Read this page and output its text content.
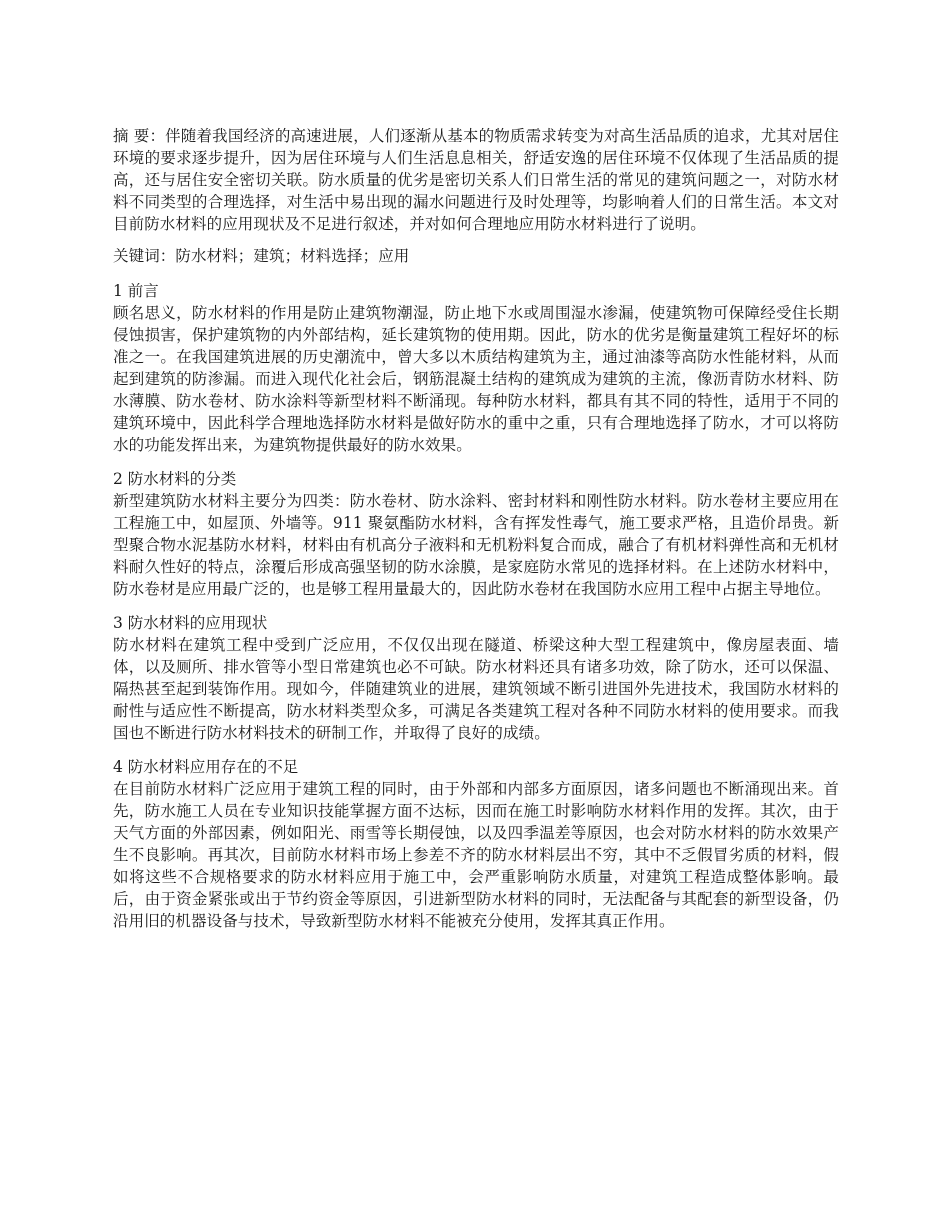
摘 要：伴随着我国经济的高速进展，人们逐渐从基本的物质需求转变为对高生活品质的追求，尤其对居住环境的要求逐步提升，因为居住环境与人们生活息息相关，舒适安逸的居住环境不仅体现了生活品质的提高，还与居住安全密切关联。防水质量的优劣是密切关系人们日常生活的常见的建筑问题之一，对防水材料不同类型的合理选择，对生活中易出现的漏水问题进行及时处理等，均影响着人们的日常生活。本文对目前防水材料的应用现状及不足进行叙述，并对如何合理地应用防水材料进行了说明。

关键词：防水材料；建筑；材料选择；应用

1 前言

顾名思义，防水材料的作用是防止建筑物潮湿，防止地下水或周围湿水渗漏，使建筑物可保障经受住长期侵蚀损害，保护建筑物的内外部结构，延长建筑物的使用期。因此，防水的优劣是衡量建筑工程好坏的标准之一。在我国建筑进展的历史潮流中，曾大多以木质结构建筑为主，通过油漆等高防水性能材料，从而起到建筑的防渗漏。而进入现代化社会后，钢筋混凝土结构的建筑成为建筑的主流，像沥青防水材料、防水薄膜、防水卷材、防水涂料等新型材料不断涌现。每种防水材料，都具有其不同的特性，适用于不同的建筑环境中，因此科学合理地选择防水材料是做好防水的重中之重，只有合理地选择了防水，才可以将防水的功能发挥出来，为建筑物提供最好的防水效果。

2 防水材料的分类

新型建筑防水材料主要分为四类：防水卷材、防水涂料、密封材料和刚性防水材料。防水卷材主要应用在工程施工中，如屋顶、外墙等。911 聚氨酯防水材料，含有挥发性毒气，施工要求严格，且造价昂贵。新型聚合物水泥基防水材料，材料由有机高分子液料和无机粉料复合而成，融合了有机材料弹性高和无机材料耐久性好的特点，涂覆后形成高强坚韧的防水涂膜，是家庭防水常见的选择材料。在上述防水材料中，防水卷材是应用最广泛的，也是够工程用量最大的，因此防水卷材在我国防水应用工程中占据主导地位。

3 防水材料的应用现状

防水材料在建筑工程中受到广泛应用，不仅仅出现在隧道、桥梁这种大型工程建筑中，像房屋表面、墙体，以及厕所、排水管等小型日常建筑也必不可缺。防水材料还具有诸多功效，除了防水，还可以保温、隔热甚至起到装饰作用。现如今，伴随建筑业的进展，建筑领域不断引进国外先进技术，我国防水材料的耐性与适应性不断提高，防水材料类型众多，可满足各类建筑工程对各种不同防水材料的使用要求。而我国也不断进行防水材料技术的研制工作，并取得了良好的成绩。

4 防水材料应用存在的不足

在目前防水材料广泛应用于建筑工程的同时，由于外部和内部多方面原因，诸多问题也不断涌现出来。首先，防水施工人员在专业知识技能掌握方面不达标，因而在施工时影响防水材料作用的发挥。其次，由于天气方面的外部因素，例如阳光、雨雪等长期侵蚀，以及四季温差等原因，也会对防水材料的防水效果产生不良影响。再其次，目前防水材料市场上参差不齐的防水材料层出不穷，其中不乏假冒劣质的材料，假如将这些不合规格要求的防水材料应用于施工中，会严重影响防水质量，对建筑工程造成整体影响。最后，由于资金紧张或出于节约资金等原因，引进新型防水材料的同时，无法配备与其配套的新型设备，仍沿用旧的机器设备与技术，导致新型防水材料不能被充分使用，发挥其真正作用。
